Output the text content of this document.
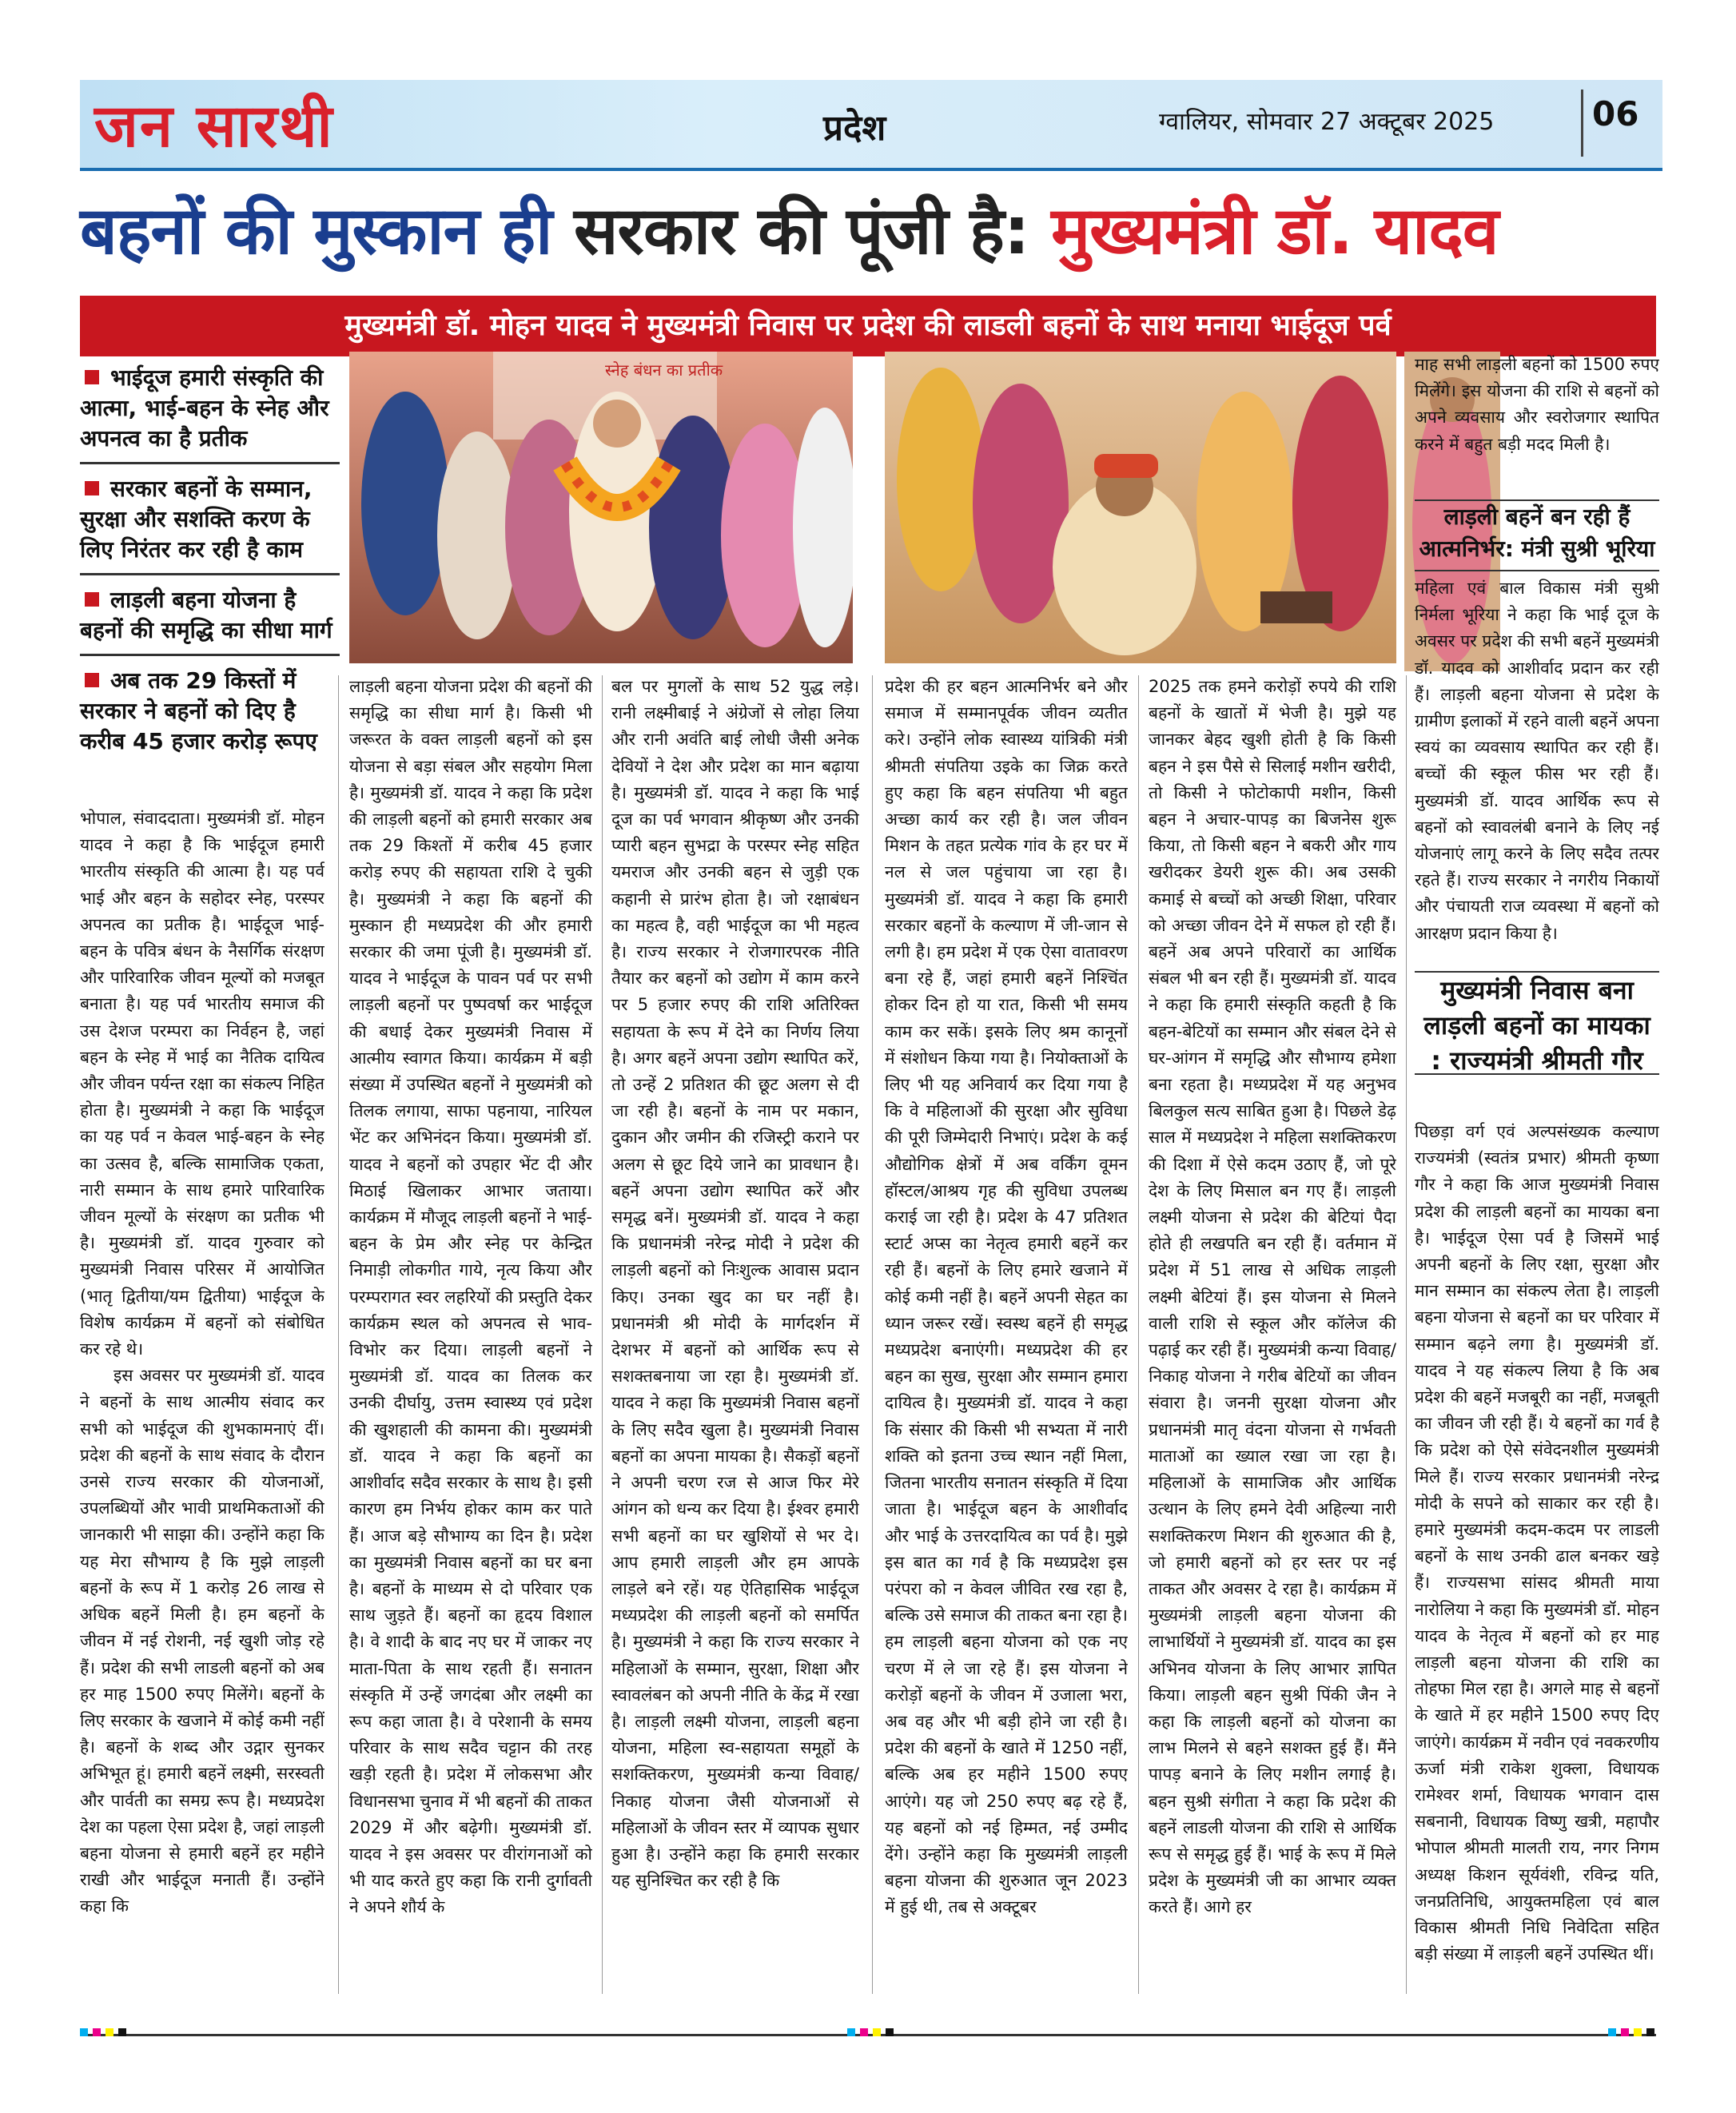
जन सारथी	प्रदेश	ग्वालियर, सोमवार 27 अक्टूबर 2025	06
बहनों की मुस्कान ही सरकार की पूंजी है: मुख्यमंत्री डॉ. यादव
मुख्यमंत्री डॉ. मोहन यादव ने मुख्यमंत्री निवास पर प्रदेश की लाडली बहनों के साथ मनाया भाईदूज पर्व
भाईदूज हमारी संस्कृति की आत्मा, भाई-बहन के स्नेह और अपनत्व का है प्रतीक
सरकार बहनों के सम्मान, सुरक्षा और सशक्ति करण के लिए निरंतर कर रही है काम
लाड़ली बहना योजना है बहनों की समृद्धि का सीधा मार्ग
अब तक 29 किस्तों में सरकार ने बहनों को दिए है करीब 45 हजार करोड़ रूपए
स्नेह बंधन का प्रतीक

भोपाल, संवाददाता। मुख्यमंत्री डॉ. मोहन यादव ने कहा है कि भाईदूज हमारी भारतीय संस्कृति की आत्मा है। यह पर्व भाई और बहन के सहोदर स्नेह, परस्पर अपनत्व का प्रतीक है। भाईदूज भाई-बहन के पवित्र बंधन के नैसर्गिक संरक्षण और पारिवारिक जीवन मूल्यों को मजबूत बनाता है। यह पर्व भारतीय समाज की उस देशज परम्परा का निर्वहन है, जहां बहन के स्नेह में भाई का नैतिक दायित्व और जीवन पर्यन्त रक्षा का संकल्प निहित होता है। मुख्यमंत्री ने कहा कि भाईदूज का यह पर्व न केवल भाई-बहन के स्नेह का उत्सव है, बल्कि सामाजिक एकता, नारी सम्मान के साथ हमारे पारिवारिक जीवन मूल्यों के संरक्षण का प्रतीक भी है। मुख्यमंत्री डॉ. यादव गुरुवार को मुख्यमंत्री निवास परिसर में आयोजित (भातृ द्वितीया/यम द्वितीया) भाईदूज के विशेष कार्यक्रम में बहनों को संबोधित कर रहे थे।

इस अवसर पर मुख्यमंत्री डॉ. यादव ने बहनों के साथ आत्मीय संवाद कर सभी को भाईदूज की शुभकामनाएं दीं। प्रदेश की बहनों के साथ संवाद के दौरान उनसे राज्य सरकार की योजनाओं, उपलब्धियों और भावी प्राथमिकताओं की जानकारी भी साझा की। उन्होंने कहा कि यह मेरा सौभाग्य है कि मुझे लाड़ली बहनों के रूप में 1 करोड़ 26 लाख से अधिक बहनें मिली है। हम बहनों के जीवन में नई रोशनी, नई खुशी जोड़ रहे हैं। प्रदेश की सभी लाडली बहनों को अब हर माह 1500 रुपए मिलेंगे। बहनों के लिए सरकार के खजाने में कोई कमी नहीं है। बहनों के शब्द और उद्गार सुनकर अभिभूत हूं। हमारी बहनें लक्ष्मी, सरस्वती और पार्वती का समग्र रूप है। मध्यप्रदेश देश का पहला ऐसा प्रदेश है, जहां लाड़ली बहना योजना से हमारी बहनें हर महीने राखी और भाईदूज मनाती हैं। उन्होंने कहा कि

लाड़ली बहना योजना प्रदेश की बहनों की समृद्धि का सीधा मार्ग है। किसी भी जरूरत के वक्त लाड़ली बहनों को इस योजना से बड़ा संबल और सहयोग मिला है। मुख्यमंत्री डॉ. यादव ने कहा कि प्रदेश की लाड़ली बहनों को हमारी सरकार अब तक 29 किश्तों में करीब 45 हजार करोड़ रुपए की सहायता राशि दे चुकी है। मुख्यमंत्री ने कहा कि बहनों की मुस्कान ही मध्यप्रदेश की और हमारी सरकार की जमा पूंजी है। मुख्यमंत्री डॉ. यादव ने भाईदूज के पावन पर्व पर सभी लाड़ली बहनों पर पुष्पवर्षा कर भाईदूज की बधाई देकर मुख्यमंत्री निवास में आत्मीय स्वागत किया। कार्यक्रम में बड़ी संख्या में उपस्थित बहनों ने मुख्यमंत्री को तिलक लगाया, साफा पहनाया, नारियल भेंट कर अभिनंदन किया। मुख्यमंत्री डॉ. यादव ने बहनों को उपहार भेंट दी और मिठाई खिलाकर आभार जताया। कार्यक्रम में मौजूद लाड़ली बहनों ने भाई-बहन के प्रेम और स्नेह पर केन्द्रित निमाड़ी लोकगीत गाये, नृत्य किया और परम्परागत स्वर लहरियों की प्रस्तुति देकर कार्यक्रम स्थल को अपनत्व से भाव-विभोर कर दिया। लाड़ली बहनों ने मुख्यमंत्री डॉ. यादव का तिलक कर उनकी दीर्घायु, उत्तम स्वास्थ्य एवं प्रदेश की खुशहाली की कामना की। मुख्यमंत्री डॉ. यादव ने कहा कि बहनों का आशीर्वाद सदैव सरकार के साथ है। इसी कारण हम निर्भय होकर काम कर पाते हैं। आज बड़े सौभाग्य का दिन है। प्रदेश का मुख्यमंत्री निवास बहनों का घर बना है। बहनों के माध्यम से दो परिवार एक साथ जुड़ते हैं। बहनों का हृदय विशाल है। वे शादी के बाद नए घर में जाकर नए माता-पिता के साथ रहती हैं। सनातन संस्कृति में उन्हें जगदंबा और लक्ष्मी का रूप कहा जाता है। वे परेशानी के समय परिवार के साथ सदैव चट्टान की तरह खड़ी रहती है। प्रदेश में लोकसभा और विधानसभा चुनाव में भी बहनों की ताकत 2029 में और बढ़ेगी। मुख्यमंत्री डॉ. यादव ने इस अवसर पर वीरांगनाओं को भी याद करते हुए कहा कि रानी दुर्गावती ने अपने शौर्य के

बल पर मुगलों के साथ 52 युद्ध लड़े। रानी लक्ष्मीबाई ने अंग्रेजों से लोहा लिया और रानी अवंति बाई लोधी जैसी अनेक देवियों ने देश और प्रदेश का मान बढ़ाया है। मुख्यमंत्री डॉ. यादव ने कहा कि भाई दूज का पर्व भगवान श्रीकृष्ण और उनकी प्यारी बहन सुभद्रा के परस्पर स्नेह सहित यमराज और उनकी बहन से जुड़ी एक कहानी से प्रारंभ होता है। जो रक्षाबंधन का महत्व है, वही भाईदूज का भी महत्व है। राज्य सरकार ने रोजगारपरक नीति तैयार कर बहनों को उद्योग में काम करने पर 5 हजार रुपए की राशि अतिरिक्त सहायता के रूप में देने का निर्णय लिया है। अगर बहनें अपना उद्योग स्थापित करें, तो उन्हें 2 प्रतिशत की छूट अलग से दी जा रही है। बहनों के नाम पर मकान, दुकान और जमीन की रजिस्ट्री कराने पर अलग से छूट दिये जाने का प्रावधान है। बहनें अपना उद्योग स्थापित करें और समृद्ध बनें। मुख्यमंत्री डॉ. यादव ने कहा कि प्रधानमंत्री नरेन्द्र मोदी ने प्रदेश की लाड़ली बहनों को निःशुल्क आवास प्रदान किए। उनका खुद का घर नहीं है। प्रधानमंत्री श्री मोदी के मार्गदर्शन में देशभर में बहनों को आर्थिक रूप से सशक्तबनाया जा रहा है। मुख्यमंत्री डॉ. यादव ने कहा कि मुख्यमंत्री निवास बहनों के लिए सदैव खुला है। मुख्यमंत्री निवास बहनों का अपना मायका है। सैकड़ों बहनों ने अपनी चरण रज से आज फिर मेरे आंगन को धन्य कर दिया है। ईश्वर हमारी सभी बहनों का घर खुशियों से भर दे। आप हमारी लाड़ली और हम आपके लाड़ले बने रहें। यह ऐतिहासिक भाईदूज मध्यप्रदेश की लाड़ली बहनों को समर्पित है। मुख्यमंत्री ने कहा कि राज्य सरकार ने महिलाओं के सम्मान, सुरक्षा, शिक्षा और स्वावलंबन को अपनी नीति के केंद्र में रखा है। लाड़ली लक्ष्मी योजना, लाड़ली बहना योजना, महिला स्व-सहायता समूहों के सशक्तिकरण, मुख्यमंत्री कन्या विवाह/निकाह योजना जैसी योजनाओं से महिलाओं के जीवन स्तर में व्यापक सुधार हुआ है। उन्होंने कहा कि हमारी सरकार यह सुनिश्चित कर रही है कि

प्रदेश की हर बहन आत्मनिर्भर बने और समाज में सम्मानपूर्वक जीवन व्यतीत करे। उन्होंने लोक स्वास्थ्य यांत्रिकी मंत्री श्रीमती संपतिया उइके का जिक्र करते हुए कहा कि बहन संपतिया भी बहुत अच्छा कार्य कर रही है। जल जीवन मिशन के तहत प्रत्येक गांव के हर घर में नल से जल पहुंचाया जा रहा है। मुख्यमंत्री डॉ. यादव ने कहा कि हमारी सरकार बहनों के कल्याण में जी-जान से लगी है। हम प्रदेश में एक ऐसा वातावरण बना रहे हैं, जहां हमारी बहनें निश्चिंत होकर दिन हो या रात, किसी भी समय काम कर सकें। इसके लिए श्रम कानूनों में संशोधन किया गया है। नियोक्ताओं के लिए भी यह अनिवार्य कर दिया गया है कि वे महिलाओं की सुरक्षा और सुविधा की पूरी जिम्मेदारी निभाएं। प्रदेश के कई औद्योगिक क्षेत्रों में अब वर्किंग वूमन हॉस्टल/आश्रय गृह की सुविधा उपलब्ध कराई जा रही है। प्रदेश के 47 प्रतिशत स्टार्ट अप्स का नेतृत्व हमारी बहनें कर रही हैं। बहनों के लिए हमारे खजाने में कोई कमी नहीं है। बहनें अपनी सेहत का ध्यान जरूर रखें। स्वस्थ बहनें ही समृद्ध मध्यप्रदेश बनाएंगी। मध्यप्रदेश की हर बहन का सुख, सुरक्षा और सम्मान हमारा दायित्व है। मुख्यमंत्री डॉ. यादव ने कहा कि संसार की किसी भी सभ्यता में नारी शक्ति को इतना उच्च स्थान नहीं मिला, जितना भारतीय सनातन संस्कृति में दिया जाता है। भाईदूज बहन के आशीर्वाद और भाई के उत्तरदायित्व का पर्व है। मुझे इस बात का गर्व है कि मध्यप्रदेश इस परंपरा को न केवल जीवित रख रहा है, बल्कि उसे समाज की ताकत बना रहा है। हम लाड़ली बहना योजना को एक नए चरण में ले जा रहे हैं। इस योजना ने करोड़ों बहनों के जीवन में उजाला भरा, अब वह और भी बड़ी होने जा रही है। प्रदेश की बहनों के खाते में 1250 नहीं, बल्कि अब हर महीने 1500 रुपए आएंगे। यह जो 250 रुपए बढ़ रहे हैं, यह बहनों को नई हिम्मत, नई उम्मीद देंगे। उन्होंने कहा कि मुख्यमंत्री लाड़ली बहना योजना की शुरुआत जून 2023 में हुई थी, तब से अक्टूबर

2025 तक हमने करोड़ों रुपये की राशि बहनों के खातों में भेजी है। मुझे यह जानकर बेहद खुशी होती है कि किसी बहन ने इस पैसे से सिलाई मशीन खरीदी, तो किसी ने फोटोकापी मशीन, किसी बहन ने अचार-पापड़ का बिजनेस शुरू किया, तो किसी बहन ने बकरी और गाय खरीदकर डेयरी शुरू की। अब उसकी कमाई से बच्चों को अच्छी शिक्षा, परिवार को अच्छा जीवन देने में सफल हो रही हैं। बहनें अब अपने परिवारों का आर्थिक संबल भी बन रही हैं। मुख्यमंत्री डॉ. यादव ने कहा कि हमारी संस्कृति कहती है कि बहन-बेटियों का सम्मान और संबल देने से घर-आंगन में समृद्धि और सौभाग्य हमेशा बना रहता है। मध्यप्रदेश में यह अनुभव बिलकुल सत्य साबित हुआ है। पिछले डेढ़ साल में मध्यप्रदेश ने महिला सशक्तिकरण की दिशा में ऐसे कदम उठाए हैं, जो पूरे देश के लिए मिसाल बन गए हैं। लाड़ली लक्ष्मी योजना से प्रदेश की बेटियां पैदा होते ही लखपति बन रही हैं। वर्तमान में प्रदेश में 51 लाख से अधिक लाड़ली लक्ष्मी बेटियां हैं। इस योजना से मिलने वाली राशि से स्कूल और कॉलेज की पढ़ाई कर रही हैं। मुख्यमंत्री कन्या विवाह/निकाह योजना ने गरीब बेटियों का जीवन संवारा है। जननी सुरक्षा योजना और प्रधानमंत्री मातृ वंदना योजना से गर्भवती माताओं का ख्याल रखा जा रहा है। महिलाओं के सामाजिक और आर्थिक उत्थान के लिए हमने देवी अहिल्या नारी सशक्तिकरण मिशन की शुरुआत की है, जो हमारी बहनों को हर स्तर पर नई ताकत और अवसर दे रहा है। कार्यक्रम में मुख्यमंत्री लाड़ली बहना योजना की लाभार्थियों ने मुख्यमंत्री डॉ. यादव का इस अभिनव योजना के लिए आभार ज्ञापित किया। लाड़ली बहन सुश्री पिंकी जैन ने कहा कि लाड़ली बहनों को योजना का लाभ मिलने से बहने सशक्त हुई हैं। मैंने पापड़ बनाने के लिए मशीन लगाई है। बहन सुश्री संगीता ने कहा कि प्रदेश की बहनें लाडली योजना की राशि से आर्थिक रूप से समृद्ध हुई हैं। भाई के रूप में मिले प्रदेश के मुख्यमंत्री जी का आभार व्यक्त करते हैं। आगे हर

माह सभी लाड़ली बहनों को 1500 रुपए मिलेंगे। इस योजना की राशि से बहनों को अपने व्यवसाय और स्वरोजगार स्थापित करने में बहुत बड़ी मदद मिली है।

लाड़ली बहनें बन रही हैं आत्मनिर्भर: मंत्री सुश्री भूरिया

महिला एवं बाल विकास मंत्री सुश्री निर्मला भूरिया ने कहा कि भाई दूज के अवसर पर प्रदेश की सभी बहनें मुख्यमंत्री डॉ. यादव को आशीर्वाद प्रदान कर रही हैं। लाड़ली बहना योजना से प्रदेश के ग्रामीण इलाकों में रहने वाली बहनें अपना स्वयं का व्यवसाय स्थापित कर रही हैं। बच्चों की स्कूल फीस भर रही हैं। मुख्यमंत्री डॉ. यादव आर्थिक रूप से बहनों को स्वावलंबी बनाने के लिए नई योजनाएं लागू करने के लिए सदैव तत्पर रहते हैं। राज्य सरकार ने नगरीय निकायों और पंचायती राज व्यवस्था में बहनों को आरक्षण प्रदान किया है।

मुख्यमंत्री निवास बना लाड़ली बहनों का मायका : राज्यमंत्री श्रीमती गौर

पिछड़ा वर्ग एवं अल्पसंख्यक कल्याण राज्यमंत्री (स्वतंत्र प्रभार) श्रीमती कृष्णा गौर ने कहा कि आज मुख्यमंत्री निवास प्रदेश की लाड़ली बहनों का मायका बना है। भाईदूज ऐसा पर्व है जिसमें भाई अपनी बहनों के लिए रक्षा, सुरक्षा और मान सम्मान का संकल्प लेता है। लाड़ली बहना योजना से बहनों का घर परिवार में सम्मान बढ़ने लगा है। मुख्यमंत्री डॉ. यादव ने यह संकल्प लिया है कि अब प्रदेश की बहनें मजबूरी का नहीं, मजबूती का जीवन जी रही हैं। ये बहनों का गर्व है कि प्रदेश को ऐसे संवेदनशील मुख्यमंत्री मिले हैं। राज्य सरकार प्रधानमंत्री नरेन्द्र मोदी के सपने को साकार कर रही है। हमारे मुख्यमंत्री कदम-कदम पर लाडली बहनों के साथ उनकी ढाल बनकर खड़े हैं। राज्यसभा सांसद श्रीमती माया नारोलिया ने कहा कि मुख्यमंत्री डॉ. मोहन यादव के नेतृत्व में बहनों को हर माह लाड़ली बहना योजना की राशि का तोहफा मिल रहा है। अगले माह से बहनों के खाते में हर महीने 1500 रुपए दिए जाएंगे। कार्यक्रम में नवीन एवं नवकरणीय ऊर्जा मंत्री राकेश शुक्ला, विधायक रामेश्वर शर्मा, विधायक भगवान दास सबनानी, विधायक विष्णु खत्री, महापौर भोपाल श्रीमती मालती राय, नगर निगम अध्यक्ष किशन सूर्यवंशी, रविन्द्र यति, जनप्रतिनिधि, आयुक्तमहिला एवं बाल विकास श्रीमती निधि निवेदिता सहित बड़ी संख्या में लाड़ली बहनें उपस्थित थीं।
